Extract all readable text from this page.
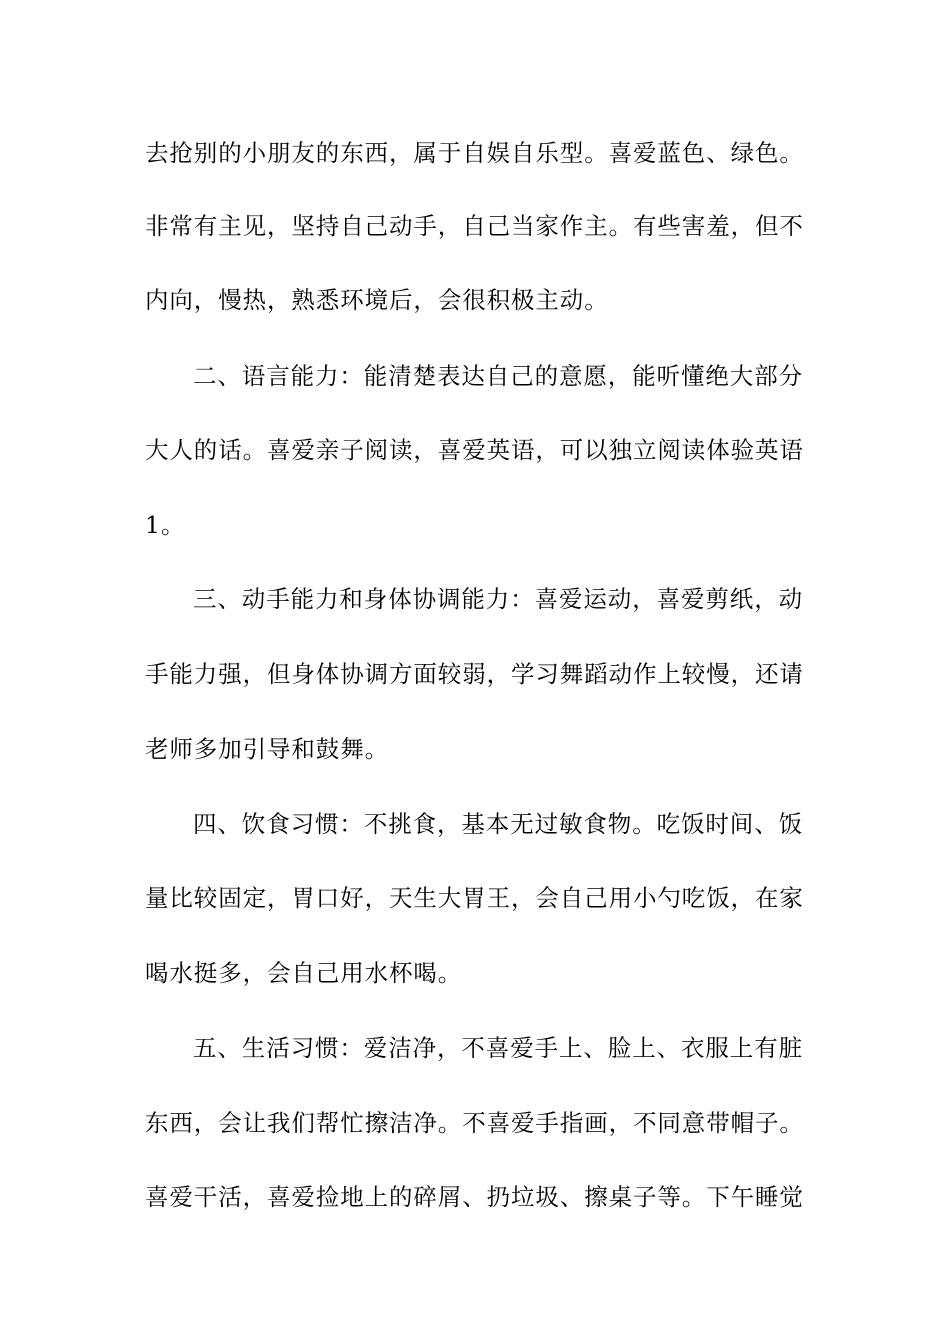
去抢别的小朋友的东西，属于自娱自乐型。喜爱蓝色、绿色。
非常有主见，坚持自己动手，自己当家作主。有些害羞，但不
内向，慢热，熟悉环境后，会很积极主动。
二、语言能力：能清楚表达自己的意愿，能听懂绝大部分
大人的话。喜爱亲子阅读，喜爱英语，可以独立阅读体验英语
1。
三、动手能力和身体协调能力：喜爱运动，喜爱剪纸，动
手能力强，但身体协调方面较弱，学习舞蹈动作上较慢，还请
老师多加引导和鼓舞。
四、饮食习惯：不挑食，基本无过敏食物。吃饭时间、饭
量比较固定，胃口好，天生大胃王，会自己用小勺吃饭，在家
喝水挺多，会自己用水杯喝。
五、生活习惯：爱洁净，不喜爱手上、脸上、衣服上有脏
东西，会让我们帮忙擦洁净。不喜爱手指画，不同意带帽子。
喜爱干活，喜爱捡地上的碎屑、扔垃圾、擦桌子等。下午睡觉
